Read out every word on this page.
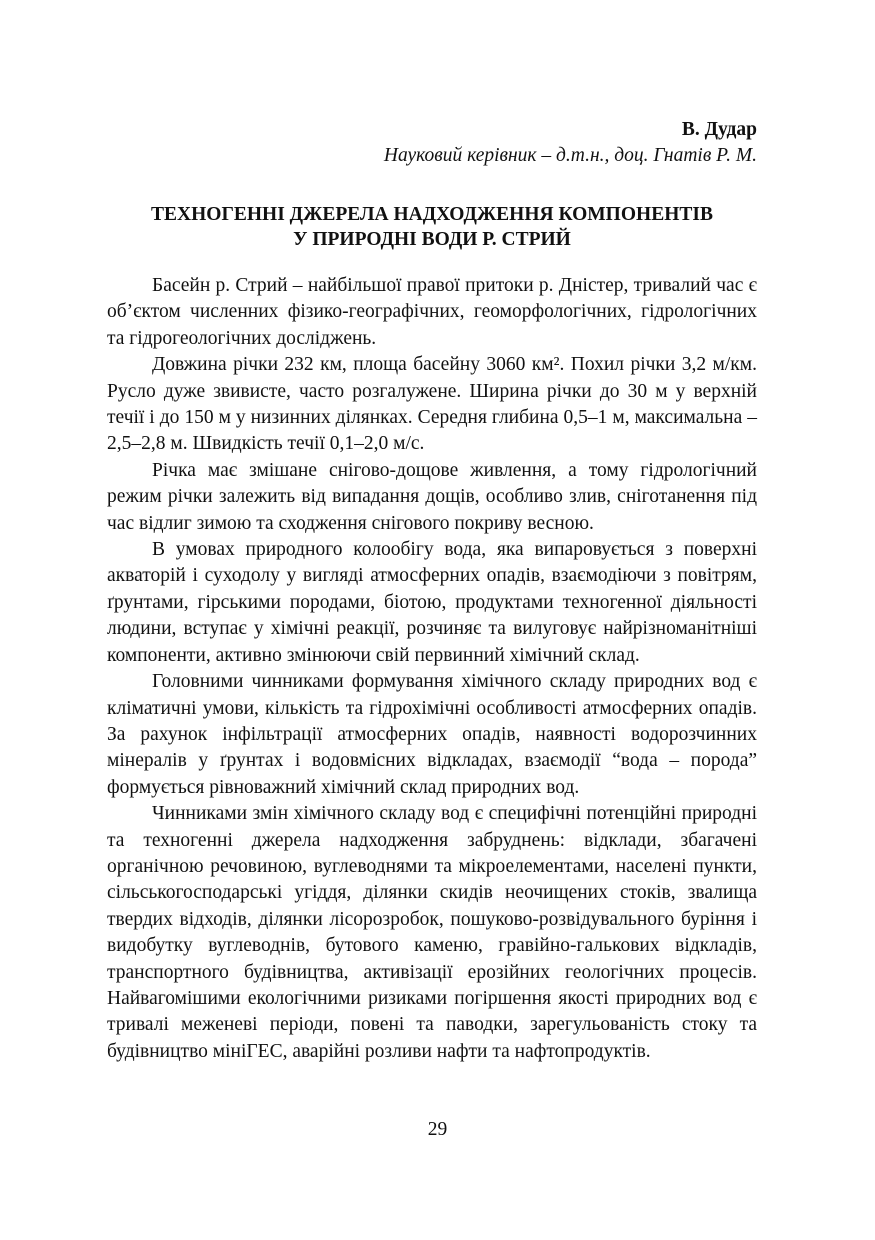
В. Дудар

Науковий керівник – д.т.н., доц. Гнатів Р. М.

ТЕХНОГЕННІ ДЖЕРЕЛА НАДХОДЖЕННЯ КОМПОНЕНТІВ
У ПРИРОДНІ ВОДИ Р. СТРИЙ

Басейн р. Стрий – найбільшої правої притоки р. Дністер, тривалий час є об’єктом численних фізико-географічних, геоморфологічних, гідрологічних та гідрогеологічних досліджень.

Довжина річки 232 км, площа басейну 3060 км². Похил річки 3,2 м/км. Русло дуже звивисте, часто розгалужене. Ширина річки до 30 м у верхній течії і до 150 м у низинних ділянках. Середня глибина 0,5–1 м, максимальна – 2,5–2,8 м. Швидкість течії 0,1–2,0 м/с.

Річка має змішане снігово-дощове живлення, а тому гідрологічний режим річки залежить від випадання дощів, особливо злив, сніготанення під час відлиг зимою та сходження снігового покриву весною.

В умовах природного колообігу вода, яка випаровується з поверхні акваторій і суходолу у вигляді атмосферних опадів, взаємодіючи з повітрям, ґрунтами, гірськими породами, біотою, продуктами техногенної діяльності людини, вступає у хімічні реакції, розчиняє та вилуговує найрізноманітніші компоненти, активно змінюючи свій первинний хімічний склад.

Головними чинниками формування хімічного складу природних вод є кліматичні умови, кількість та гідрохімічні особливості атмосферних опадів. За рахунок інфільтрації атмосферних опадів, наявності водорозчинних мінералів у ґрунтах і водовмісних відкладах, взаємодії “вода – порода” формується рівноважний хімічний склад природних вод.

Чинниками змін хімічного складу вод є специфічні потенційні природні та техногенні джерела надходження забруднень: відклади, збагачені органічною речовиною, вуглеводнями та мікроелементами, населені пункти, сільськогосподарські угіддя, ділянки скидів неочищених стоків, звалища твердих відходів, ділянки лісорозробок, пошуково-розвідувального буріння і видобутку вуглеводнів, бутового каменю, гравійно-галькових відкладів, транспортного будівництва, активізації ерозійних геологічних процесів. Найвагомішими екологічними ризиками погіршення якості природних вод є тривалі меженеві періоди, повені та паводки, зарегульованість стоку та будівництво мініГЕС, аварійні розливи нафти та нафтопродуктів.

29
